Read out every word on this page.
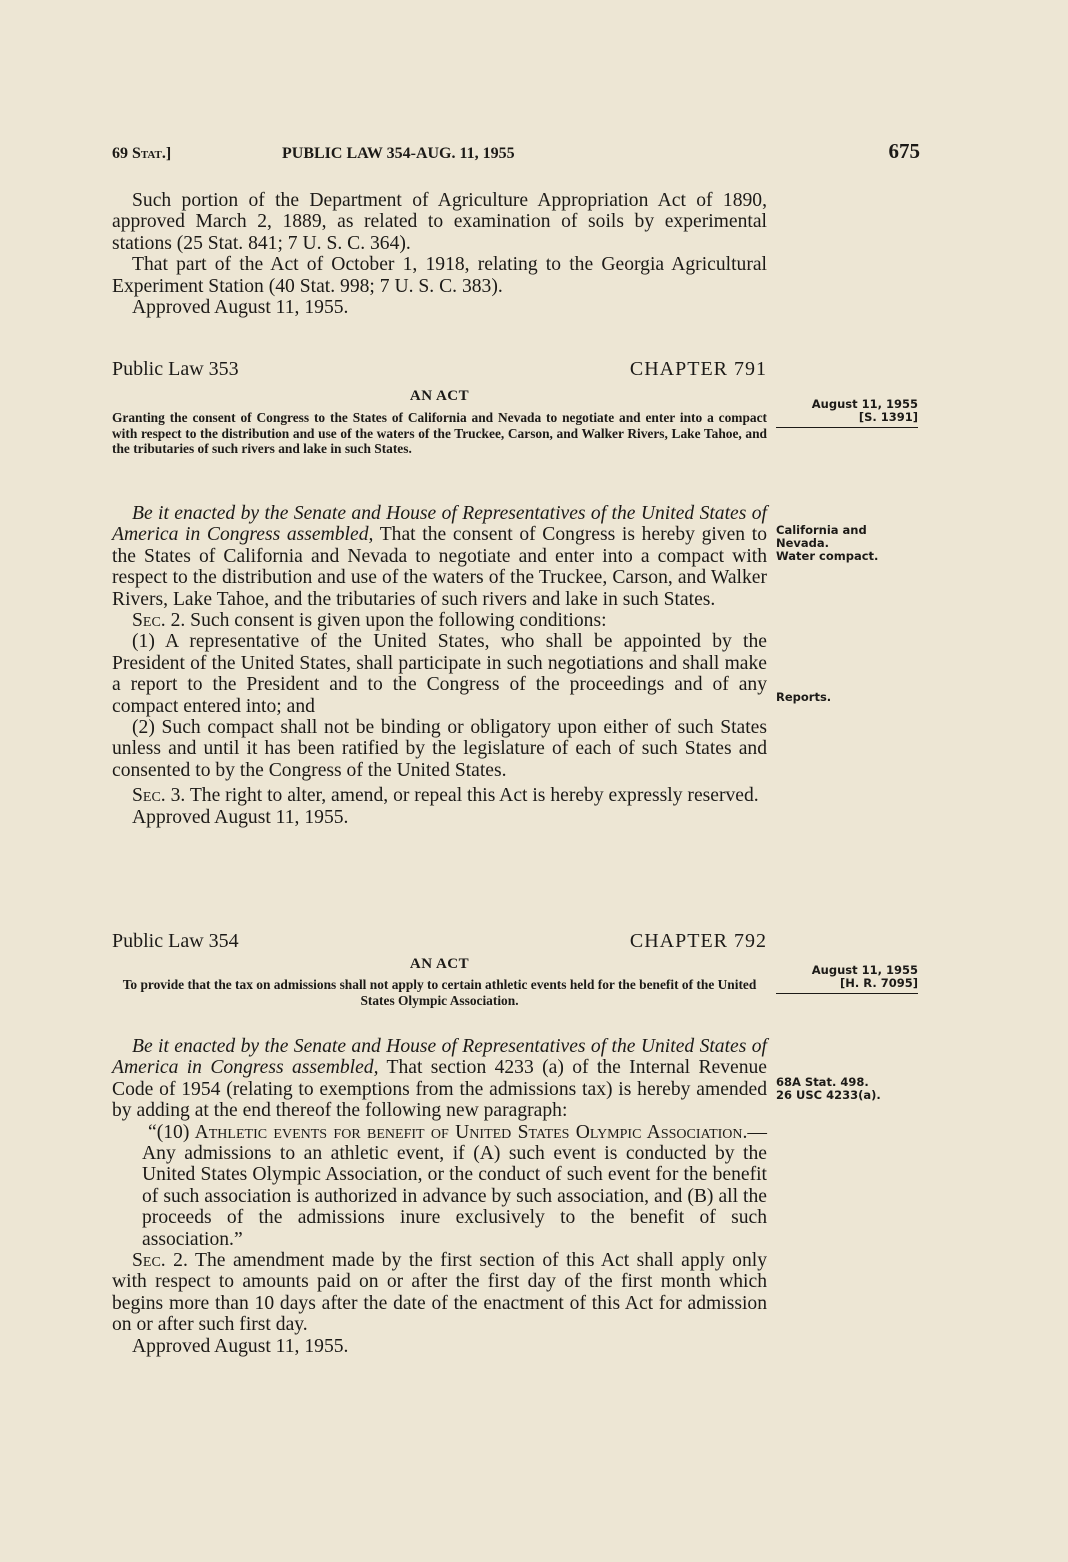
69 Stat.]	PUBLIC LAW 354-AUG. 11, 1955	675

Such portion of the Department of Agriculture Appropriation Act of 1890, approved March 2, 1889, as related to examination of soils by experimental stations (25 Stat. 841; 7 U. S. C. 364).

That part of the Act of October 1, 1918, relating to the Georgia Agricultural Experiment Station (40 Stat. 998; 7 U. S. C. 383).

Approved August 11, 1955.

Public Law 353	CHAPTER 791
AN ACT
Granting the consent of Congress to the States of California and Nevada to negotiate and enter into a compact with respect to the distribution and use of the waters of the Truckee, Carson, and Walker Rivers, Lake Tahoe, and the tributaries of such rivers and lake in such States.

Be it enacted by the Senate and House of Representatives of the United States of America in Congress assembled, That the consent of Congress is hereby given to the States of California and Nevada to negotiate and enter into a compact with respect to the distribution and use of the waters of the Truckee, Carson, and Walker Rivers, Lake Tahoe, and the tributaries of such rivers and lake in such States.

Sec. 2. Such consent is given upon the following conditions:

(1) A representative of the United States, who shall be appointed by the President of the United States, shall participate in such negotiations and shall make a report to the President and to the Congress of the proceedings and of any compact entered into; and

(2) Such compact shall not be binding or obligatory upon either of such States unless and until it has been ratified by the legislature of each of such States and consented to by the Congress of the United States.

Sec. 3. The right to alter, amend, or repeal this Act is hereby expressly reserved.

Approved August 11, 1955.

Public Law 354	CHAPTER 792
AN ACT
To provide that the tax on admissions shall not apply to certain athletic events held for the benefit of the United States Olympic Association.

Be it enacted by the Senate and House of Representatives of the United States of America in Congress assembled, That section 4233 (a) of the Internal Revenue Code of 1954 (relating to exemptions from the admissions tax) is hereby amended by adding at the end thereof the following new paragraph:

“(10) Athletic events for benefit of United States Olympic Association.—Any admissions to an athletic event, if (A) such event is conducted by the United States Olympic Association, or the conduct of such event for the benefit of such association is authorized in advance by such association, and (B) all the proceeds of the admissions inure exclusively to the benefit of such association.”

Sec. 2. The amendment made by the first section of this Act shall apply only with respect to amounts paid on or after the first day of the first month which begins more than 10 days after the date of the enactment of this Act for admission on or after such first day.

Approved August 11, 1955.

August 11, 1955
[S. 1391]
California and
Nevada.
Water compact.
Reports.
August 11, 1955
[H. R. 7095]
68A Stat. 498.
26 USC 4233(a).
